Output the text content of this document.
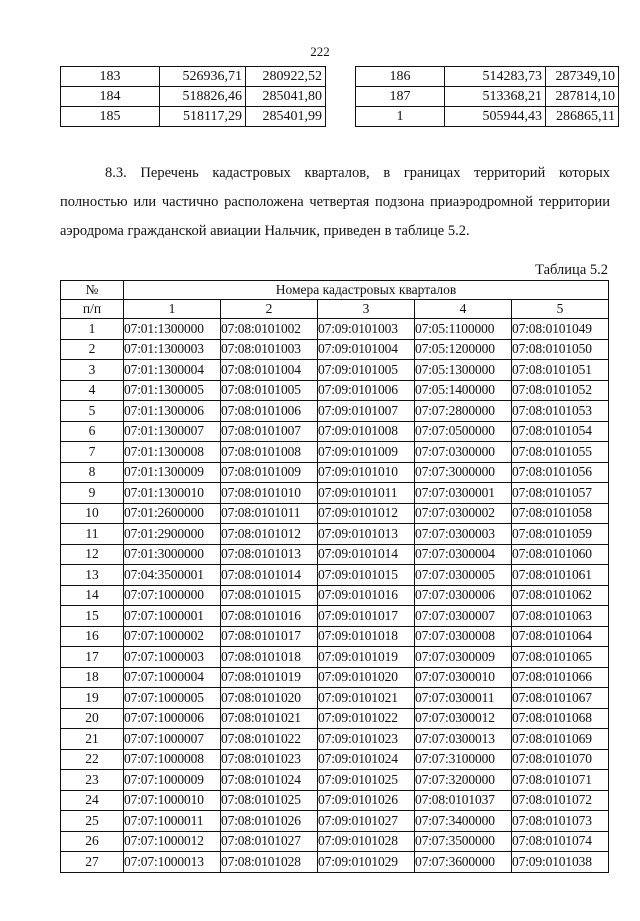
222
183	526936,71	280922,52
184	518826,46	285041,80
185	518117,29	285401,99
186	514283,73	287349,10
187	513368,21	287814,10
1	505944,43	286865,11
8.3. Перечень кадастровых кварталов, в границах территорий которых полностью или частично расположена четвертая подзона приаэродромной территории аэродрома гражданской авиации Нальчик, приведен в таблице 5.2.
Таблица 5.2
№	Номера кадастровых кварталов				
п/п	1	2	3	4	5
1	07:01:1300000	07:08:0101002	07:09:0101003	07:05:1100000	07:08:0101049
2	07:01:1300003	07:08:0101003	07:09:0101004	07:05:1200000	07:08:0101050
3	07:01:1300004	07:08:0101004	07:09:0101005	07:05:1300000	07:08:0101051
4	07:01:1300005	07:08:0101005	07:09:0101006	07:05:1400000	07:08:0101052
5	07:01:1300006	07:08:0101006	07:09:0101007	07:07:2800000	07:08:0101053
6	07:01:1300007	07:08:0101007	07:09:0101008	07:07:0500000	07:08:0101054
7	07:01:1300008	07:08:0101008	07:09:0101009	07:07:0300000	07:08:0101055
8	07:01:1300009	07:08:0101009	07:09:0101010	07:07:3000000	07:08:0101056
9	07:01:1300010	07:08:0101010	07:09:0101011	07:07:0300001	07:08:0101057
10	07:01:2600000	07:08:0101011	07:09:0101012	07:07:0300002	07:08:0101058
11	07:01:2900000	07:08:0101012	07:09:0101013	07:07:0300003	07:08:0101059
12	07:01:3000000	07:08:0101013	07:09:0101014	07:07:0300004	07:08:0101060
13	07:04:3500001	07:08:0101014	07:09:0101015	07:07:0300005	07:08:0101061
14	07:07:1000000	07:08:0101015	07:09:0101016	07:07:0300006	07:08:0101062
15	07:07:1000001	07:08:0101016	07:09:0101017	07:07:0300007	07:08:0101063
16	07:07:1000002	07:08:0101017	07:09:0101018	07:07:0300008	07:08:0101064
17	07:07:1000003	07:08:0101018	07:09:0101019	07:07:0300009	07:08:0101065
18	07:07:1000004	07:08:0101019	07:09:0101020	07:07:0300010	07:08:0101066
19	07:07:1000005	07:08:0101020	07:09:0101021	07:07:0300011	07:08:0101067
20	07:07:1000006	07:08:0101021	07:09:0101022	07:07:0300012	07:08:0101068
21	07:07:1000007	07:08:0101022	07:09:0101023	07:07:0300013	07:08:0101069
22	07:07:1000008	07:08:0101023	07:09:0101024	07:07:3100000	07:08:0101070
23	07:07:1000009	07:08:0101024	07:09:0101025	07:07:3200000	07:08:0101071
24	07:07:1000010	07:08:0101025	07:09:0101026	07:08:0101037	07:08:0101072
25	07:07:1000011	07:08:0101026	07:09:0101027	07:07:3400000	07:08:0101073
26	07:07:1000012	07:08:0101027	07:09:0101028	07:07:3500000	07:08:0101074
27	07:07:1000013	07:08:0101028	07:09:0101029	07:07:3600000	07:09:0101038
